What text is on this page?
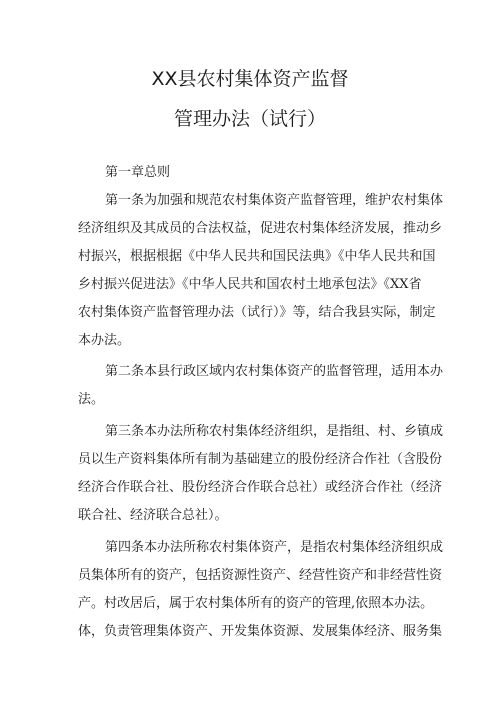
XX县农村集体资产监督
管理办法（试行）
第一章总则
第一条为加强和规范农村集体资产监督管理，维护农村集体
经济组织及其成员的合法权益，促进农村集体经济发展，推动乡
村振兴，根据根据《中华人民共和国民法典》《中华人民共和国
乡村振兴促进法》《中华人民共和国农村土地承包法》《XX省
农村集体资产监督管理办法（试行）》等，结合我县实际，制定
本办法。
第二条本县行政区域内农村集体资产的监督管理，适用本办
法。
第三条本办法所称农村集体经济组织，是指组、村、乡镇成
员以生产资料集体所有制为基础建立的股份经济合作社（含股份
经济合作联合社、股份经济合作联合总社）或经济合作社（经济
联合社、经济联合总社）。
第四条本办法所称农村集体资产，是指农村集体经济组织成
员集体所有的资产，包括资源性资产、经营性资产和非经营性资
产。村改居后，属于农村集体所有的资产的管理,依照本办法。
体，负责管理集体资产、开发集体资源、发展集体经济、服务集
